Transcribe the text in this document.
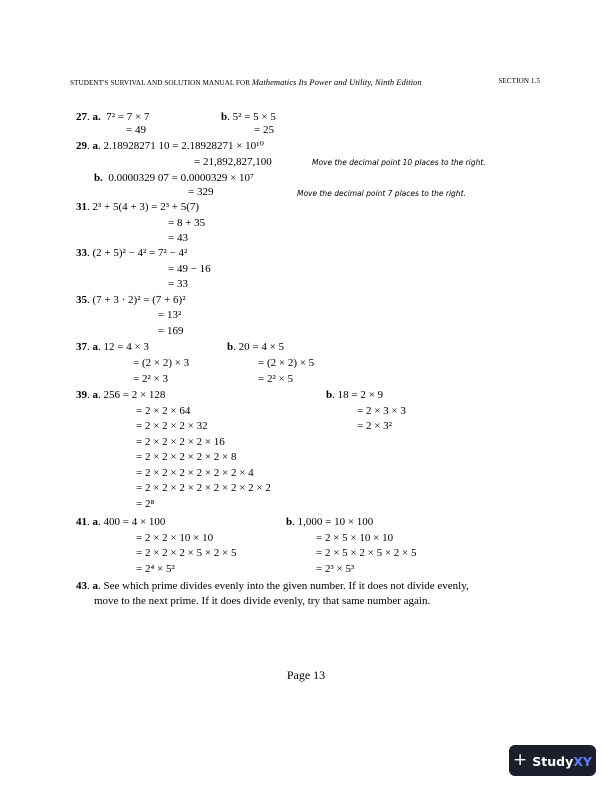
STUDENT'S SURVIVAL AND SOLUTION MANUAL FOR Mathematics Its Power and Utility, Ninth Edition	SECTION 1.5
27. a. 7² = 7 × 7
= 49
b. 5² = 5 × 5
= 25
29. a. 2.18928271 10 = 2.18928271 × 10¹⁰
= 21,892,827,100	Move the decimal point 10 places to the right.
b. 0.0000329 07 = 0.0000329 × 10⁷
= 329	Move the decimal point 7 places to the right.
31. 2³ + 5(4 + 3) = 2³ + 5(7)
= 8 + 35
= 43
33. (2 + 5)² − 4² = 7² − 4²
= 49 − 16
= 33
35. (7 + 3 · 2)² = (7 + 6)²
= 13²
= 169
37. a. 12 = 4 × 3
= (2 × 2) × 3
= 2² × 3
b. 20 = 4 × 5
= (2 × 2) × 5
= 2² × 5
39. a. 256 = 2 × 128
= 2 × 2 × 64
= 2 × 2 × 2 × 32
= 2 × 2 × 2 × 2 × 16
= 2 × 2 × 2 × 2 × 2 × 8
= 2 × 2 × 2 × 2 × 2 × 2 × 4
= 2 × 2 × 2 × 2 × 2 × 2 × 2 × 2
= 2⁸
b. 18 = 2 × 9
= 2 × 3 × 3
= 2 × 3²
41. a. 400 = 4 × 100
= 2 × 2 × 10 × 10
= 2 × 2 × 2 × 5 × 2 × 5
= 2⁴ × 5²
b. 1,000 = 10 × 100
= 2 × 5 × 10 × 10
= 2 × 5 × 2 × 5 × 2 × 5
= 2³ × 5³
43. a. See which prime divides evenly into the given number. If it does not divide evenly,
move to the next prime. If it does divide evenly, try that same number again.
Page 13
+ StudyXY
